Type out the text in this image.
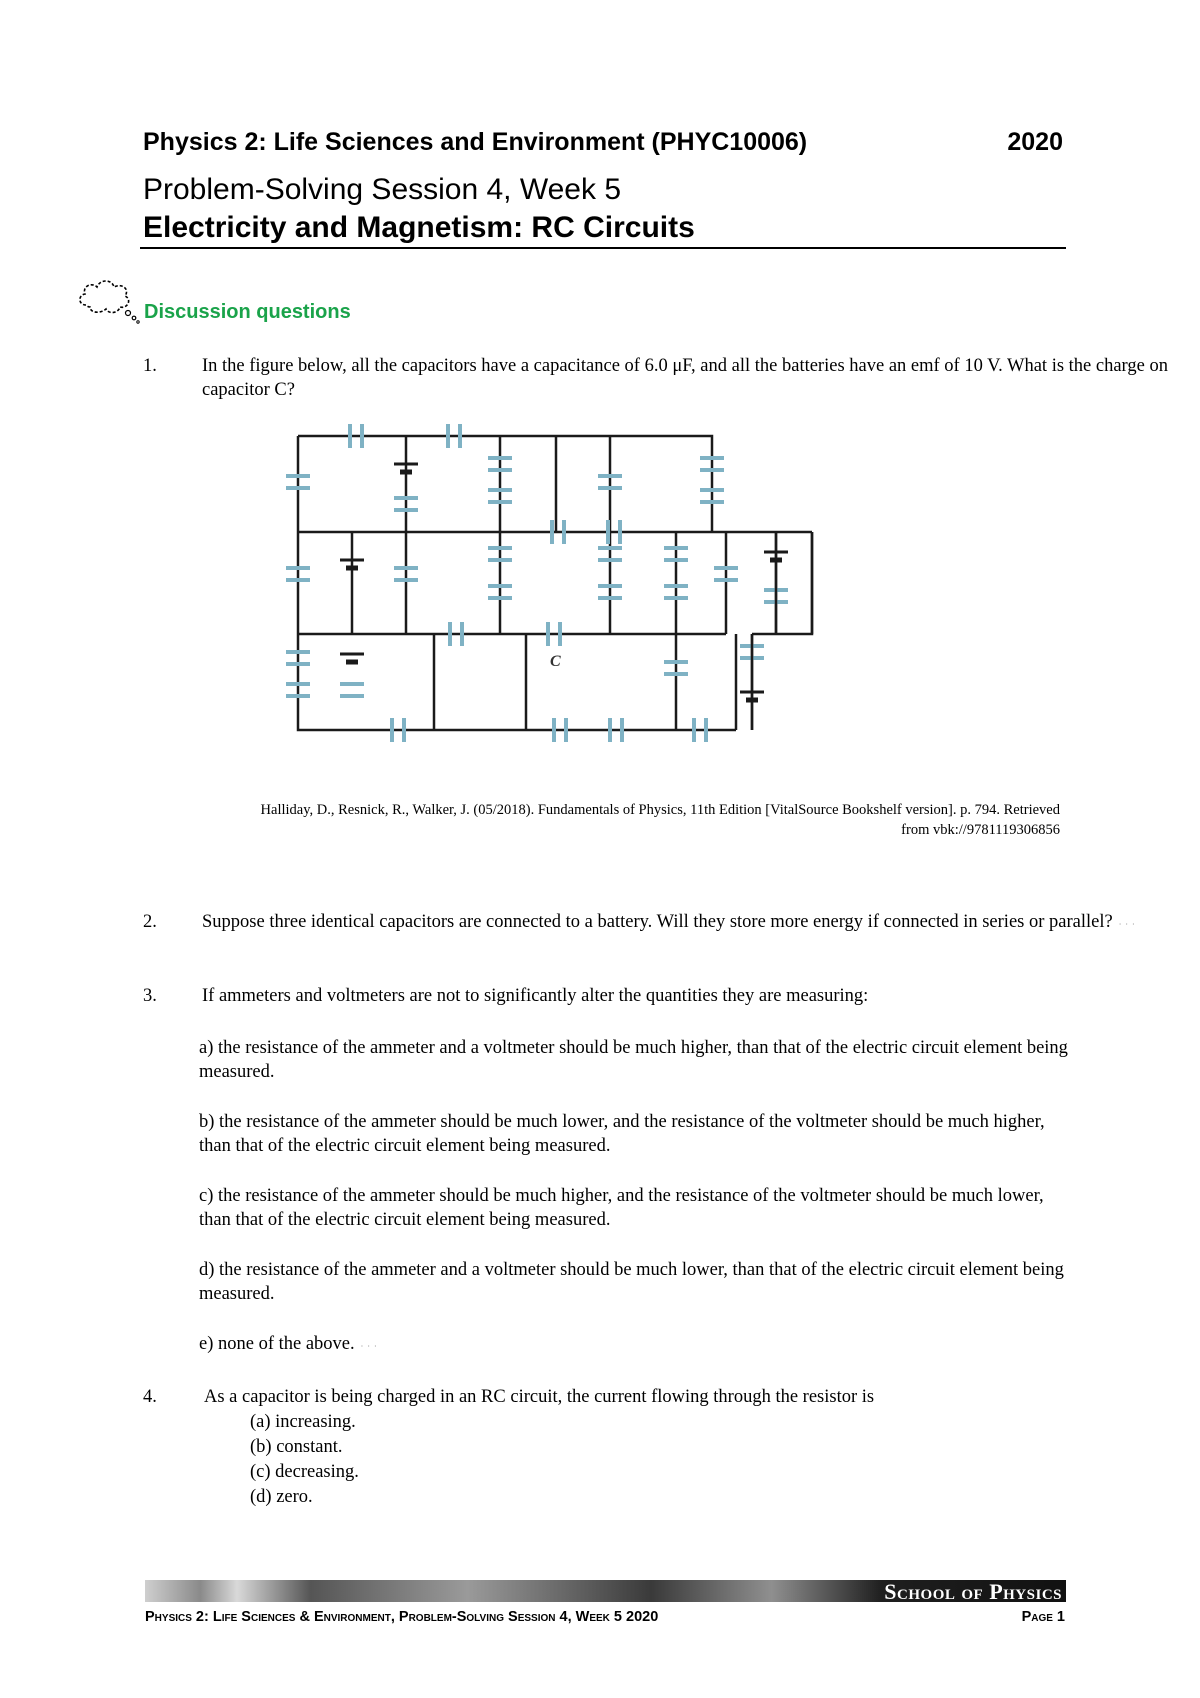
Physics 2: Life Sciences and Environment (PHYC10006)	2020
Problem-Solving Session 4, Week 5
Electricity and Magnetism: RC Circuits
Discussion questions
1. In the figure below, all the capacitors have a capacitance of 6.0 μF, and all the batteries have an emf of 10 V. What is the charge on capacitor C?
C
Halliday, D., Resnick, R., Walker, J. (05/2018). Fundamentals of Physics, 11th Edition [VitalSource Bookshelf version]. p. 794. Retrieved
from vbk://9781119306856
2. Suppose three identical capacitors are connected to a battery. Will they store more energy if connected in series or parallel? · · ·
3. If ammeters and voltmeters are not to significantly alter the quantities they are measuring:
a) the resistance of the ammeter and a voltmeter should be much higher, than that of the electric circuit element being measured.
b) the resistance of the ammeter should be much lower, and the resistance of the voltmeter should be much higher, than that of the electric circuit element being measured.
c) the resistance of the ammeter should be much higher, and the resistance of the voltmeter should be much lower, than that of the electric circuit element being measured.
d) the resistance of the ammeter and a voltmeter should be much lower, than that of the electric circuit element being measured.
e) none of the above. · · ·
4.	As a capacitor is being charged in an RC circuit, the current flowing through the resistor is
(a) increasing.
(b) constant.
(c) decreasing.
(d) zero.
School of Physics
Physics 2: Life Sciences & Environment, Problem-Solving Session 4, Week 5 2020	Page 1
